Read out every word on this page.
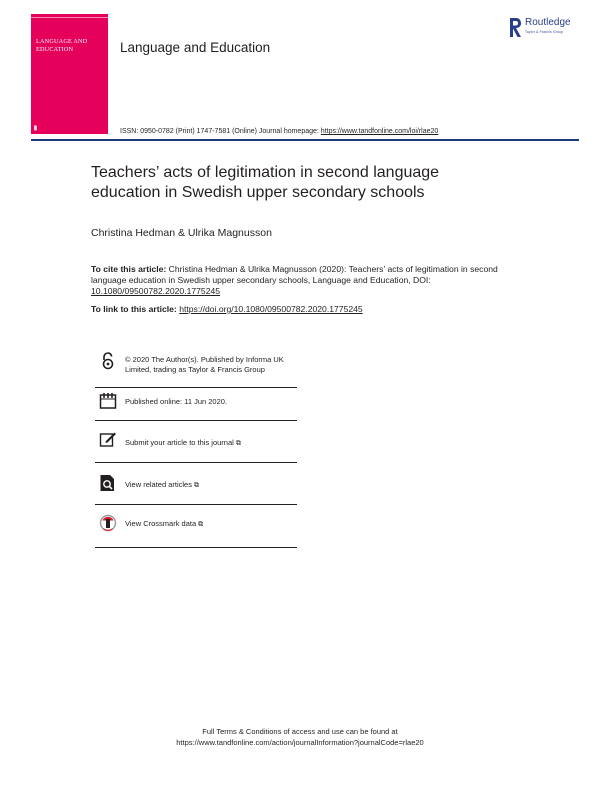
LANGUAGE AND
EDUCATION
█
Language and Education
Routledge
Taylor & Francis Group
ISSN: 0950-0782 (Print) 1747-7581 (Online) Journal homepage: https://www.tandfonline.com/loi/rlae20
Teachers’ acts of legitimation in second language
education in Swedish upper secondary schools
Christina Hedman & Ulrika Magnusson
To cite this article: Christina Hedman & Ulrika Magnusson (2020): Teachers’ acts of legitimation in second language education in Swedish upper secondary schools, Language and Education, DOI: 10.1080/09500782.2020.1775245
To link to this article: https://doi.org/10.1080/09500782.2020.1775245
© 2020 The Author(s). Published by Informa UK Limited, trading as Taylor & Francis Group
Published online: 11 Jun 2020.
Submit your article to this journal ⧉
View related articles ⧉
View Crossmark data ⧉
Full Terms & Conditions of access and use can be found at
https://www.tandfonline.com/action/journalInformation?journalCode=rlae20
